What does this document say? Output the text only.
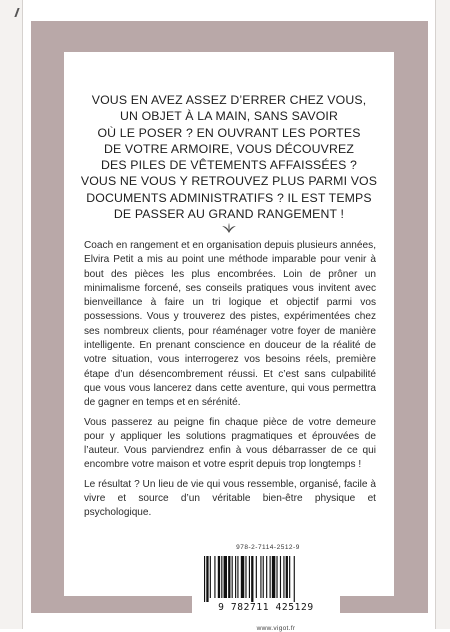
VOUS EN AVEZ ASSEZ D’ERRER CHEZ VOUS,
UN OBJET À LA MAIN, SANS SAVOIR
OÙ LE POSER ? EN OUVRANT LES PORTES
DE VOTRE ARMOIRE, VOUS DÉCOUVREZ
DES PILES DE VÊTEMENTS AFFAISSÉES ?
VOUS NE VOUS Y RETROUVEZ PLUS PARMI VOS
DOCUMENTS ADMINISTRATIFS ? IL EST TEMPS
DE PASSER AU GRAND RANGEMENT !

Coach en rangement et en organisation depuis plusieurs années, Elvira Petit a mis au point une méthode imparable pour venir à bout des pièces les plus encombrées. Loin de prôner un minimalisme forcené, ses conseils pratiques vous invitent avec bienveillance à faire un tri logique et objectif parmi vos possessions. Vous y trouverez des pistes, expérimentées chez ses nombreux clients, pour réaménager votre foyer de manière intelligente. En prenant conscience en douceur de la réalité de votre situation, vous interrogerez vos besoins réels, première étape d’un désencombrement réussi. Et c’est sans culpabilité que vous vous lancerez dans cette aventure, qui vous permettra de gagner en temps et en sérénité.

Vous passerez au peigne fin chaque pièce de votre demeure pour y appliquer les solutions pragmatiques et éprouvées de l’auteur. Vous parviendrez enfin à vous débarrasser de ce qui encombre votre maison et votre esprit depuis trop longtemps !

Le résultat ? Un lieu de vie qui vous ressemble, organisé, facile à vivre et source d’un véritable bien-être physique et psychologique.

978-2-7114-2512-9
9 782711 425129
www.vigot.fr
